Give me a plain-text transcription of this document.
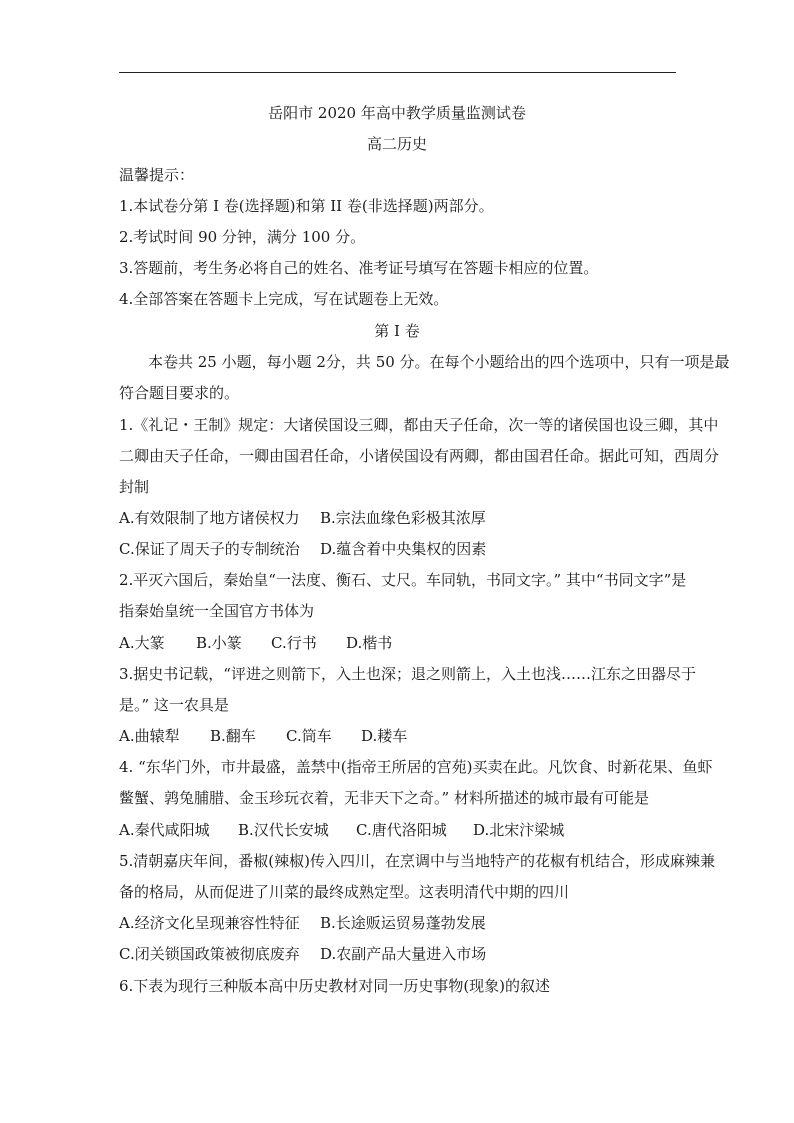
岳阳市 2020 年高中教学质量监测试卷
高二历史
温馨提示：
1.本试卷分第 I 卷(选择题)和第 II 卷(非选择题)两部分。
2.考试时间 90 分钟，满分 100 分。
3.答题前，考生务必将自己的姓名、准考证号填写在答题卡相应的位置。
4.全部答案在答题卡上完成，写在试题卷上无效。
第 I 卷
本卷共 25 小题，每小题 2分，共 50 分。在每个小题给出的四个选项中，只有一项是最
符合题目要求的。
1.《礼记・王制》规定：大诸侯国设三卿，都由天子任命，次一等的诸侯国也设三卿，其中
二卿由天子任命，一卿由国君任命，小诸侯国设有两卿，都由国君任命。据此可知，西周分
封制
A.有效限制了地方诸侯权力 B.宗法血缘色彩极其浓厚
C.保证了周天子的专制统治 D.蕴含着中央集权的因素
2.平灭六国后，秦始皇“一法度、衡石、丈尺。车同轨，书同文字。” 其中“书同文字”是
指秦始皇统一全国官方书体为
A.大篆 B.小篆 C.行书 D.楷书
3.据史书记载，“评进之则箭下，入土也深；退之则箭上，入土也浅……江东之田器尽于
是。” 这一农具是
A.曲辕犁 B.翻车 C.筒车 D.耧车
4. “东华门外，市井最盛，盖禁中(指帝王所居的宫苑)买卖在此。凡饮食、时新花果、鱼虾
鳖蟹、鹑兔脯腊、金玉珍玩衣着，无非天下之奇。” 材料所描述的城市最有可能是
A.秦代咸阳城 B.汉代长安城 C.唐代洛阳城 D.北宋汴梁城
5.清朝嘉庆年间，番椒(辣椒)传入四川，在烹调中与当地特产的花椒有机结合，形成麻辣兼
备的格局，从而促进了川菜的最终成熟定型。这表明清代中期的四川
A.经济文化呈现兼容性特征 B.长途贩运贸易蓬勃发展
C.闭关锁国政策被彻底废弃 D.农副产品大量进入市场
6.下表为现行三种版本高中历史教材对同一历史事物(现象)的叙述
